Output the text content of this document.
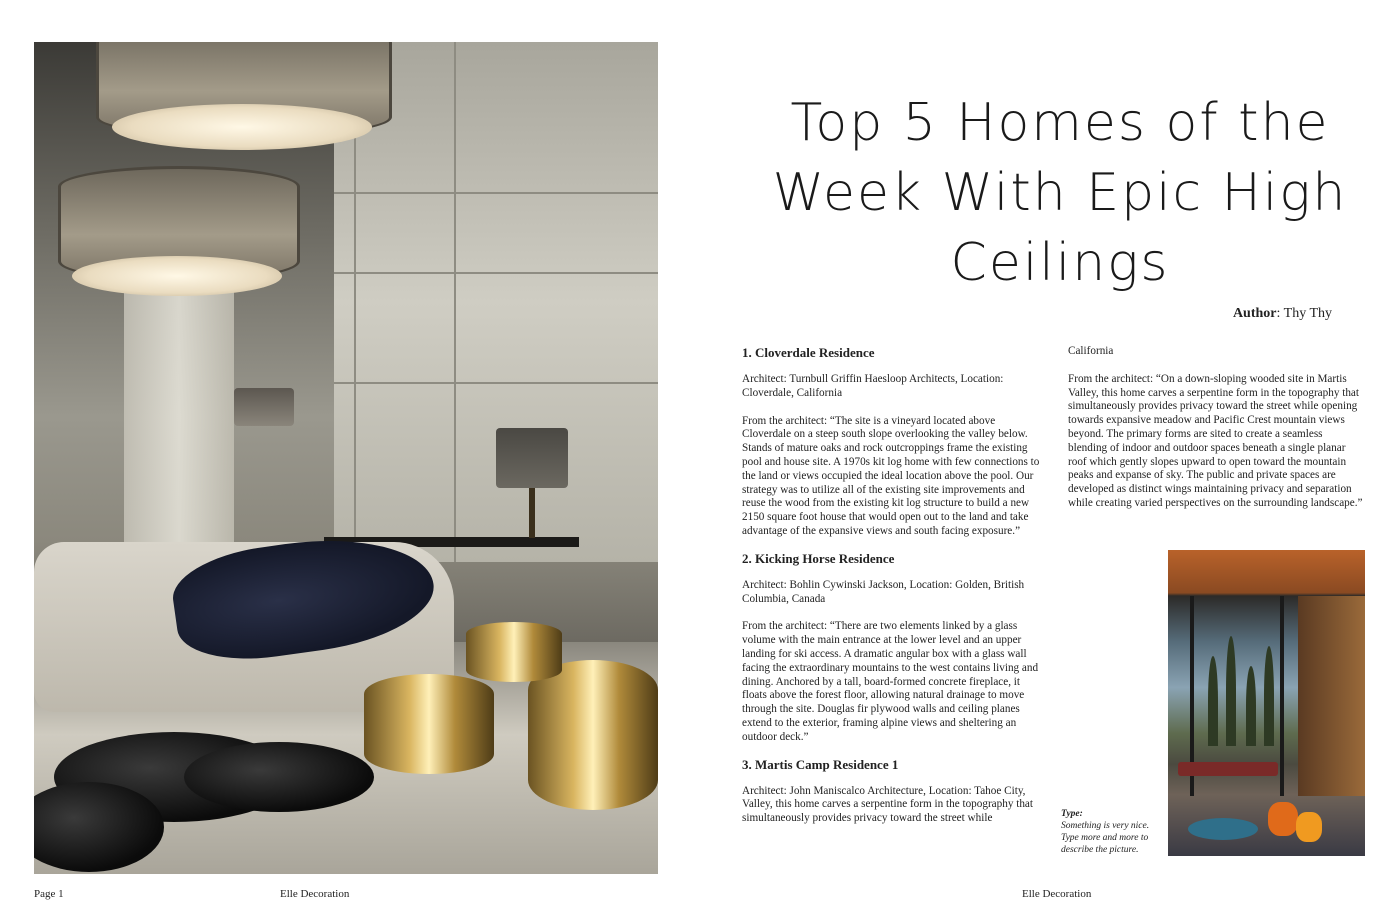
Top 5 Homes of the Week With Epic High Ceilings
Author: Thy Thy
1. Cloverdale Residence

Architect: Turnbull Griffin Haesloop Architects, Location: Cloverdale, California

From the architect: “The site is a vineyard located above Cloverdale on a steep south slope overlooking the valley below. Stands of mature oaks and rock outcroppings frame the existing pool and house site. A 1970s kit log home with few connections to the land or views occupied the ideal location above the pool. Our strategy was to utilize all of the existing site improvements and reuse the wood from the existing kit log structure to build a new 2150 square foot house that would open out to the land and take advantage of the expansive views and south facing exposure.”

2. Kicking Horse Residence

Architect: Bohlin Cywinski Jackson, Location: Golden, British Columbia, Canada

From the architect: “There are two elements linked by a glass volume with the main entrance at the lower level and an upper landing for ski access. A dramatic angular box with a glass wall facing the extraordinary mountains to the west contains living and dining. Anchored by a tall, board-formed concrete fireplace, it floats above the forest floor, allowing natural drainage to move through the site. Douglas fir plywood walls and ceiling planes extend to the exterior, framing alpine views and sheltering an outdoor deck.”

3. Martis Camp Residence 1

Architect: John Maniscalco Architecture, Location: Tahoe City, Valley, this home carves a serpentine form in the topography that simultaneously provides privacy toward the street while

California

From the architect: “On a down-sloping wooded site in Martis Valley, this home carves a serpentine form in the topography that simultaneously provides privacy toward the street while opening towards expansive meadow and Pacific Crest mountain views beyond. The primary forms are sited to create a seamless blending of indoor and outdoor spaces beneath a single planar roof which gently slopes upward to open toward the mountain peaks and expanse of sky. The public and private spaces are developed as distinct wings maintaining privacy and separation while creating varied perspectives on the surrounding landscape.”

Type:
Something is very nice. Type more and more to describe the picture.
Page 1	Elle Decoration	Elle Decoration
